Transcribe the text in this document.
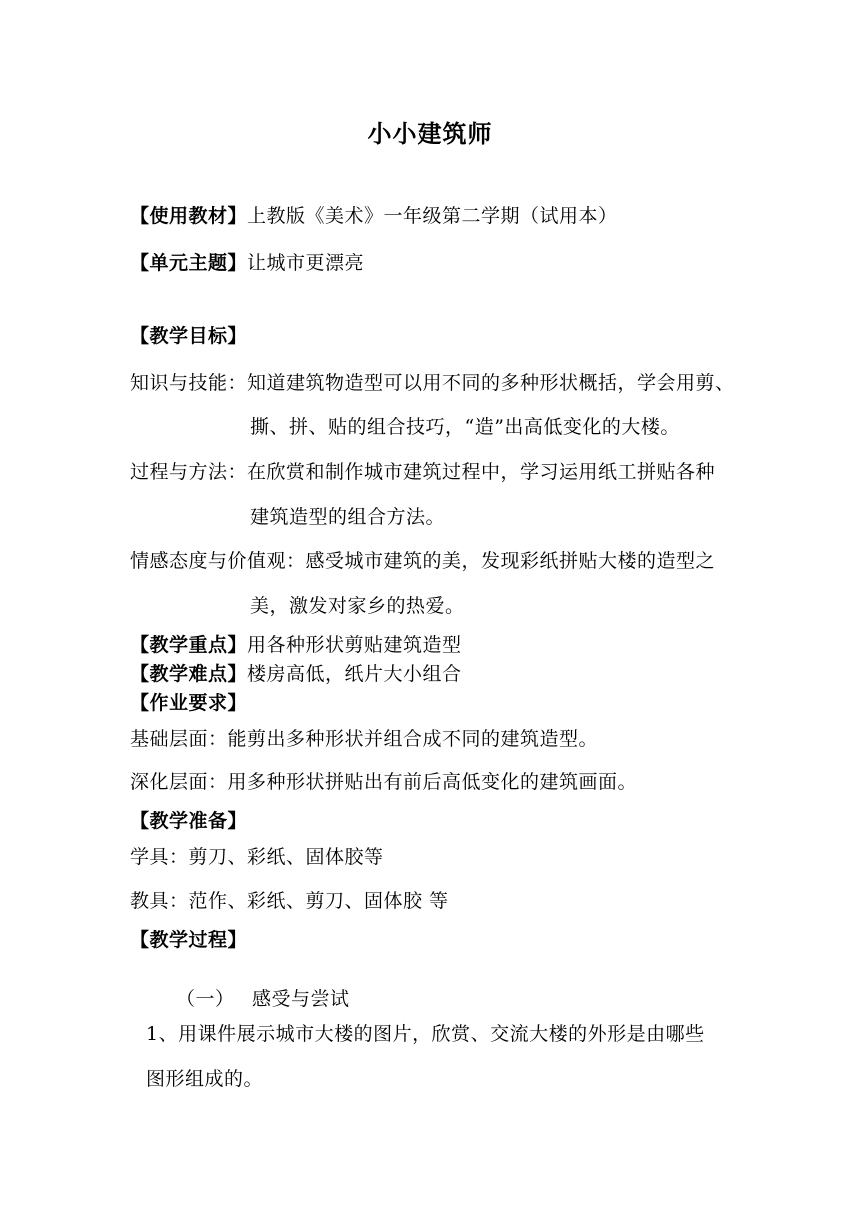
小小建筑师
【使用教材】上教版《美术》一年级第二学期（试用本）
【单元主题】让城市更漂亮
【教学目标】
知识与技能：知道建筑物造型可以用不同的多种形状概括，学会用剪、
撕、拼、贴的组合技巧，“造”出高低变化的大楼。
过程与方法：在欣赏和制作城市建筑过程中，学习运用纸工拼贴各种
建筑造型的组合方法。
情感态度与价值观：感受城市建筑的美，发现彩纸拼贴大楼的造型之
美，激发对家乡的热爱。
【教学重点】用各种形状剪贴建筑造型
【教学难点】楼房高低，纸片大小组合
【作业要求】
基础层面：能剪出多种形状并组合成不同的建筑造型。
深化层面：用多种形状拼贴出有前后高低变化的建筑画面。
【教学准备】
学具：剪刀、彩纸、固体胶等
教具：范作、彩纸、剪刀、固体胶 等
【教学过程】
（一） 感受与尝试
1、用课件展示城市大楼的图片，欣赏、交流大楼的外形是由哪些
图形组成的。
